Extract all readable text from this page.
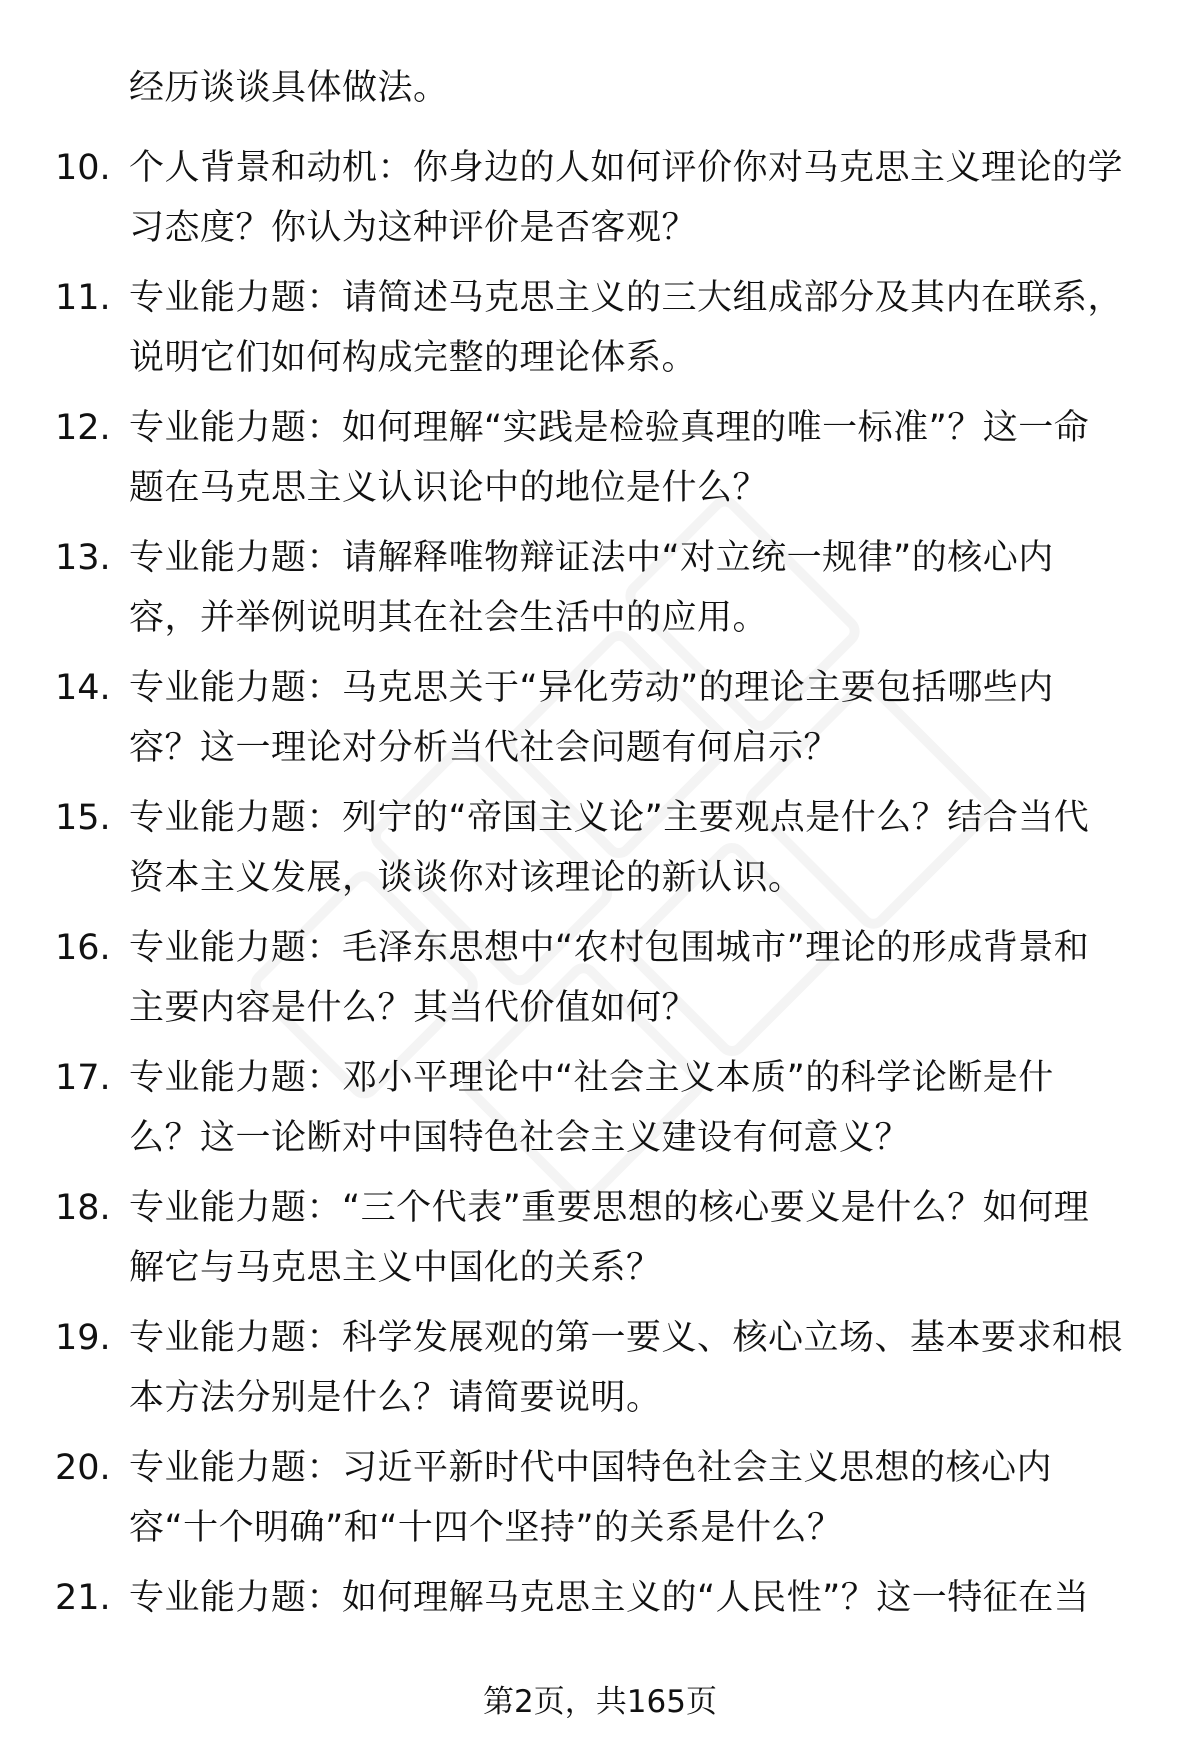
经历谈谈具体做法。
10. 个人背景和动机：你身边的人如何评价你对马克思主义理论的学
习态度？你认为这种评价是否客观？
11. 专业能力题：请简述马克思主义的三大组成部分及其内在联系，
说明它们如何构成完整的理论体系。
12. 专业能力题：如何理解“实践是检验真理的唯一标准”？这一命
题在马克思主义认识论中的地位是什么？
13. 专业能力题：请解释唯物辩证法中“对立统一规律”的核心内
容，并举例说明其在社会生活中的应用。
14. 专业能力题：马克思关于“异化劳动”的理论主要包括哪些内
容？这一理论对分析当代社会问题有何启示？
15. 专业能力题：列宁的“帝国主义论”主要观点是什么？结合当代
资本主义发展，谈谈你对该理论的新认识。
16. 专业能力题：毛泽东思想中“农村包围城市”理论的形成背景和
主要内容是什么？其当代价值如何？
17. 专业能力题：邓小平理论中“社会主义本质”的科学论断是什
么？这一论断对中国特色社会主义建设有何意义？
18. 专业能力题：“三个代表”重要思想的核心要义是什么？如何理
解它与马克思主义中国化的关系？
19. 专业能力题：科学发展观的第一要义、核心立场、基本要求和根
本方法分别是什么？请简要说明。
20. 专业能力题：习近平新时代中国特色社会主义思想的核心内
容“十个明确”和“十四个坚持”的关系是什么？
21. 专业能力题：如何理解马克思主义的“人民性”？这一特征在当
第2页，共165页
